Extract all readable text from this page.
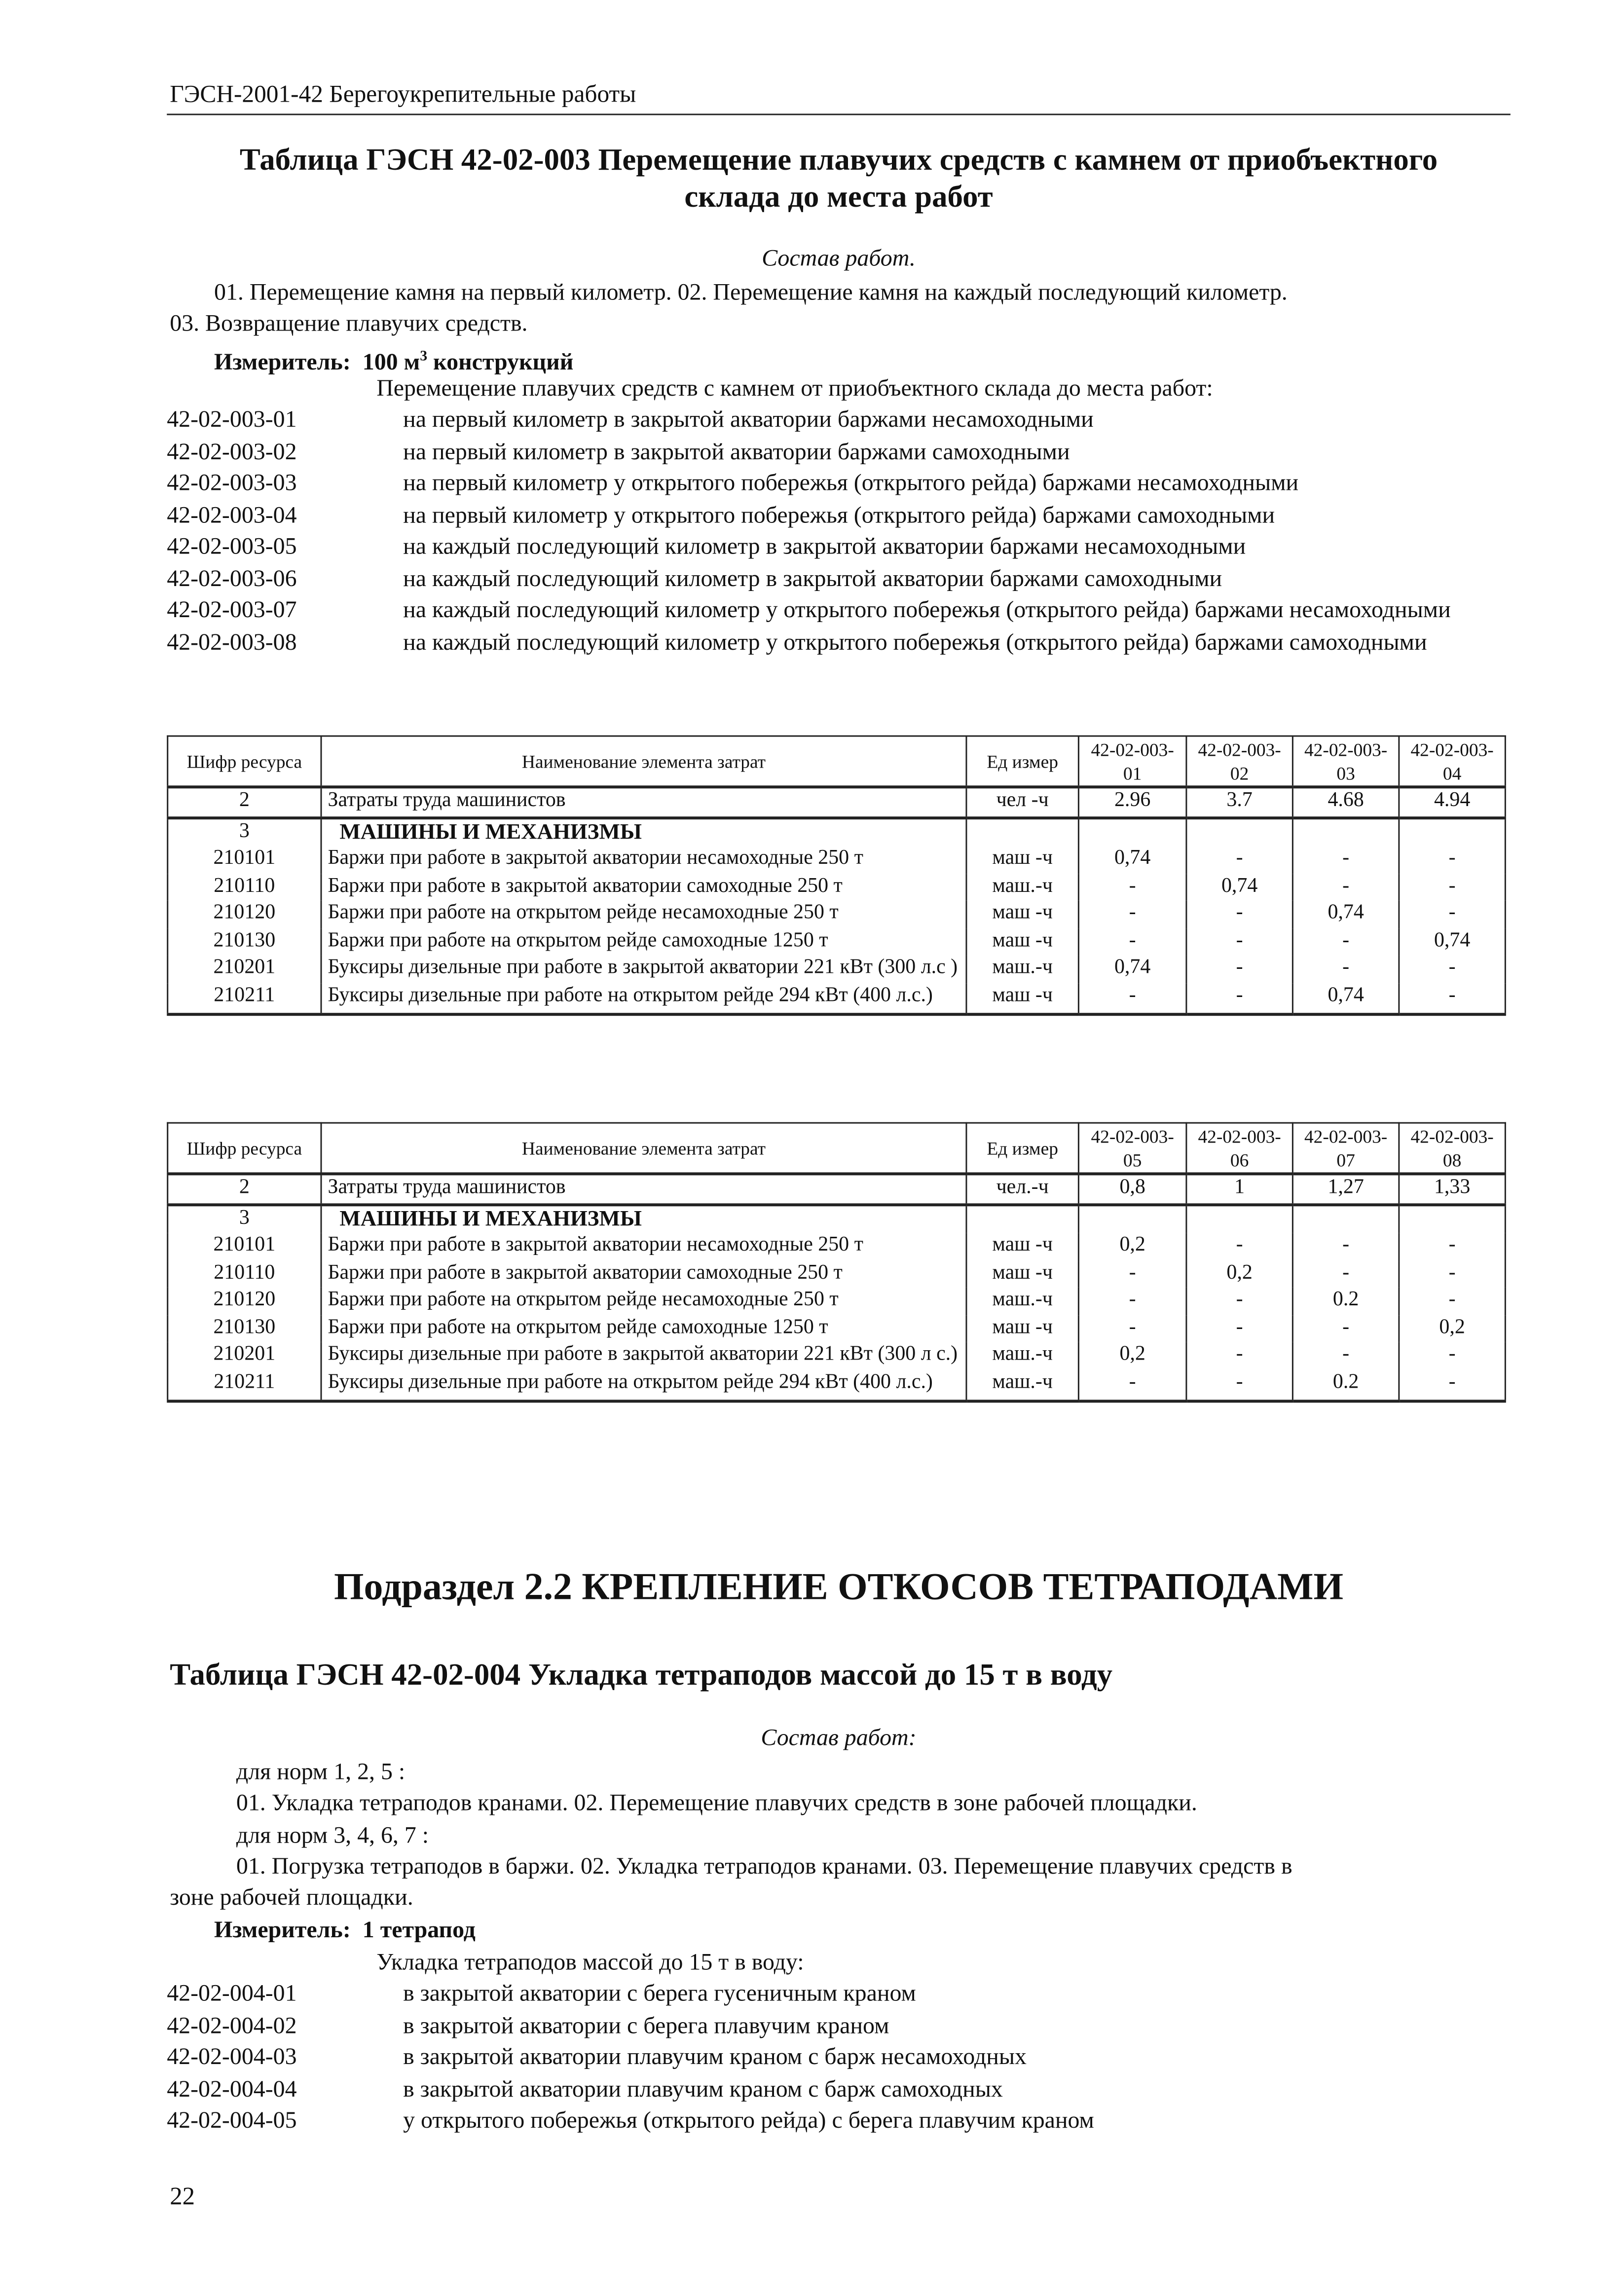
ГЭСН-2001-42 Берегоукрепительные работы
Таблица ГЭСН 42-02-003 Перемещение плавучих средств с камнем от приобъектного
склада до места работ
Состав работ.
01. Перемещение камня на первый километр. 02. Перемещение камня на каждый последующий километр.
03. Возвращение плавучих средств.
Измеритель: 100 $м^3$ конструкций
Перемещение плавучих средств с камнем от приобъектного склада до места работ:
42-02-003-01	на первый километр в закрытой акватории баржами несамоходными
42-02-003-02	на первый километр в закрытой акватории баржами самоходными
42-02-003-03	на первый километр у открытого побережья (открытого рейда) баржами несамоходными
42-02-003-04	на первый километр у открытого побережья (открытого рейда) баржами самоходными
42-02-003-05	на каждый последующий километр в закрытой акватории баржами несамоходными
42-02-003-06	на каждый последующий километр в закрытой акватории баржами самоходными
42-02-003-07	на каждый последующий километр у открытого побережья (открытого рейда) баржами несамоходными
42-02-003-08	на каждый последующий километр у открытого побережья (открытого рейда) баржами самоходными
Шифр ресурса	Наименование элемента затрат	Ед измер	42-02-003-01	42-02-003-02	42-02-003-03	42-02-003-04
2	Затраты труда машинистов	чел -ч	2.96	3.7	4.68	4.94
3	МАШИНЫ И МЕХАНИЗМЫ					
210101	Баржи при работе в закрытой акватории несамоходные 250 т	маш -ч	0,74	-	-	-
210110	Баржи при работе в закрытой акватории самоходные 250 т	маш.-ч	-	0,74	-	-
210120	Баржи при работе на открытом рейде несамоходные 250 т	маш -ч	-	-	0,74	-
210130	Баржи при работе на открытом рейде самоходные 1250 т	маш -ч	-	-	-	0,74
210201	Буксиры дизельные при работе в закрытой акватории 221 кВт (300 л.с )	маш.-ч	0,74	-	-	-
210211	Буксиры дизельные при работе на открытом рейде 294 кВт (400 л.с.)	маш -ч	-	-	0,74	-
Шифр ресурса	Наименование элемента затрат	Ед измер	42-02-003-05	42-02-003-06	42-02-003-07	42-02-003-08
2	Затраты труда машинистов	чел.-ч	0,8	1	1,27	1,33
3	МАШИНЫ И МЕХАНИЗМЫ					
210101	Баржи при работе в закрытой акватории несамоходные 250 т	маш -ч	0,2	-	-	-
210110	Баржи при работе в закрытой акватории самоходные 250 т	маш -ч	-	0,2	-	-
210120	Баржи при работе на открытом рейде несамоходные 250 т	маш.-ч	-	-	0.2	-
210130	Баржи при работе на открытом рейде самоходные 1250 т	маш -ч	-	-	-	0,2
210201	Буксиры дизельные при работе в закрытой акватории 221 кВт (300 л с.)	маш.-ч	0,2	-	-	-
210211	Буксиры дизельные при работе на открытом рейде 294 кВт (400 л.с.)	маш.-ч	-	-	0.2	-
Подраздел 2.2 КРЕПЛЕНИЕ ОТКОСОВ ТЕТРАПОДАМИ
Таблица ГЭСН 42-02-004 Укладка тетраподов массой до 15 т в воду
Состав работ:
для норм 1, 2, 5 :
01. Укладка тетраподов кранами. 02. Перемещение плавучих средств в зоне рабочей площадки.
для норм 3, 4, 6, 7 :
01. Погрузка тетраподов в баржи. 02. Укладка тетраподов кранами. 03. Перемещение плавучих средств в
зоне рабочей площадки.
Измеритель: 1 тетрапод
Укладка тетраподов массой до 15 т в воду:
42-02-004-01	в закрытой акватории с берега гусеничным краном
42-02-004-02	в закрытой акватории с берега плавучим краном
42-02-004-03	в закрытой акватории плавучим краном с барж несамоходных
42-02-004-04	в закрытой акватории плавучим краном с барж самоходных
42-02-004-05	у открытого побережья (открытого рейда) с берега плавучим краном
22
